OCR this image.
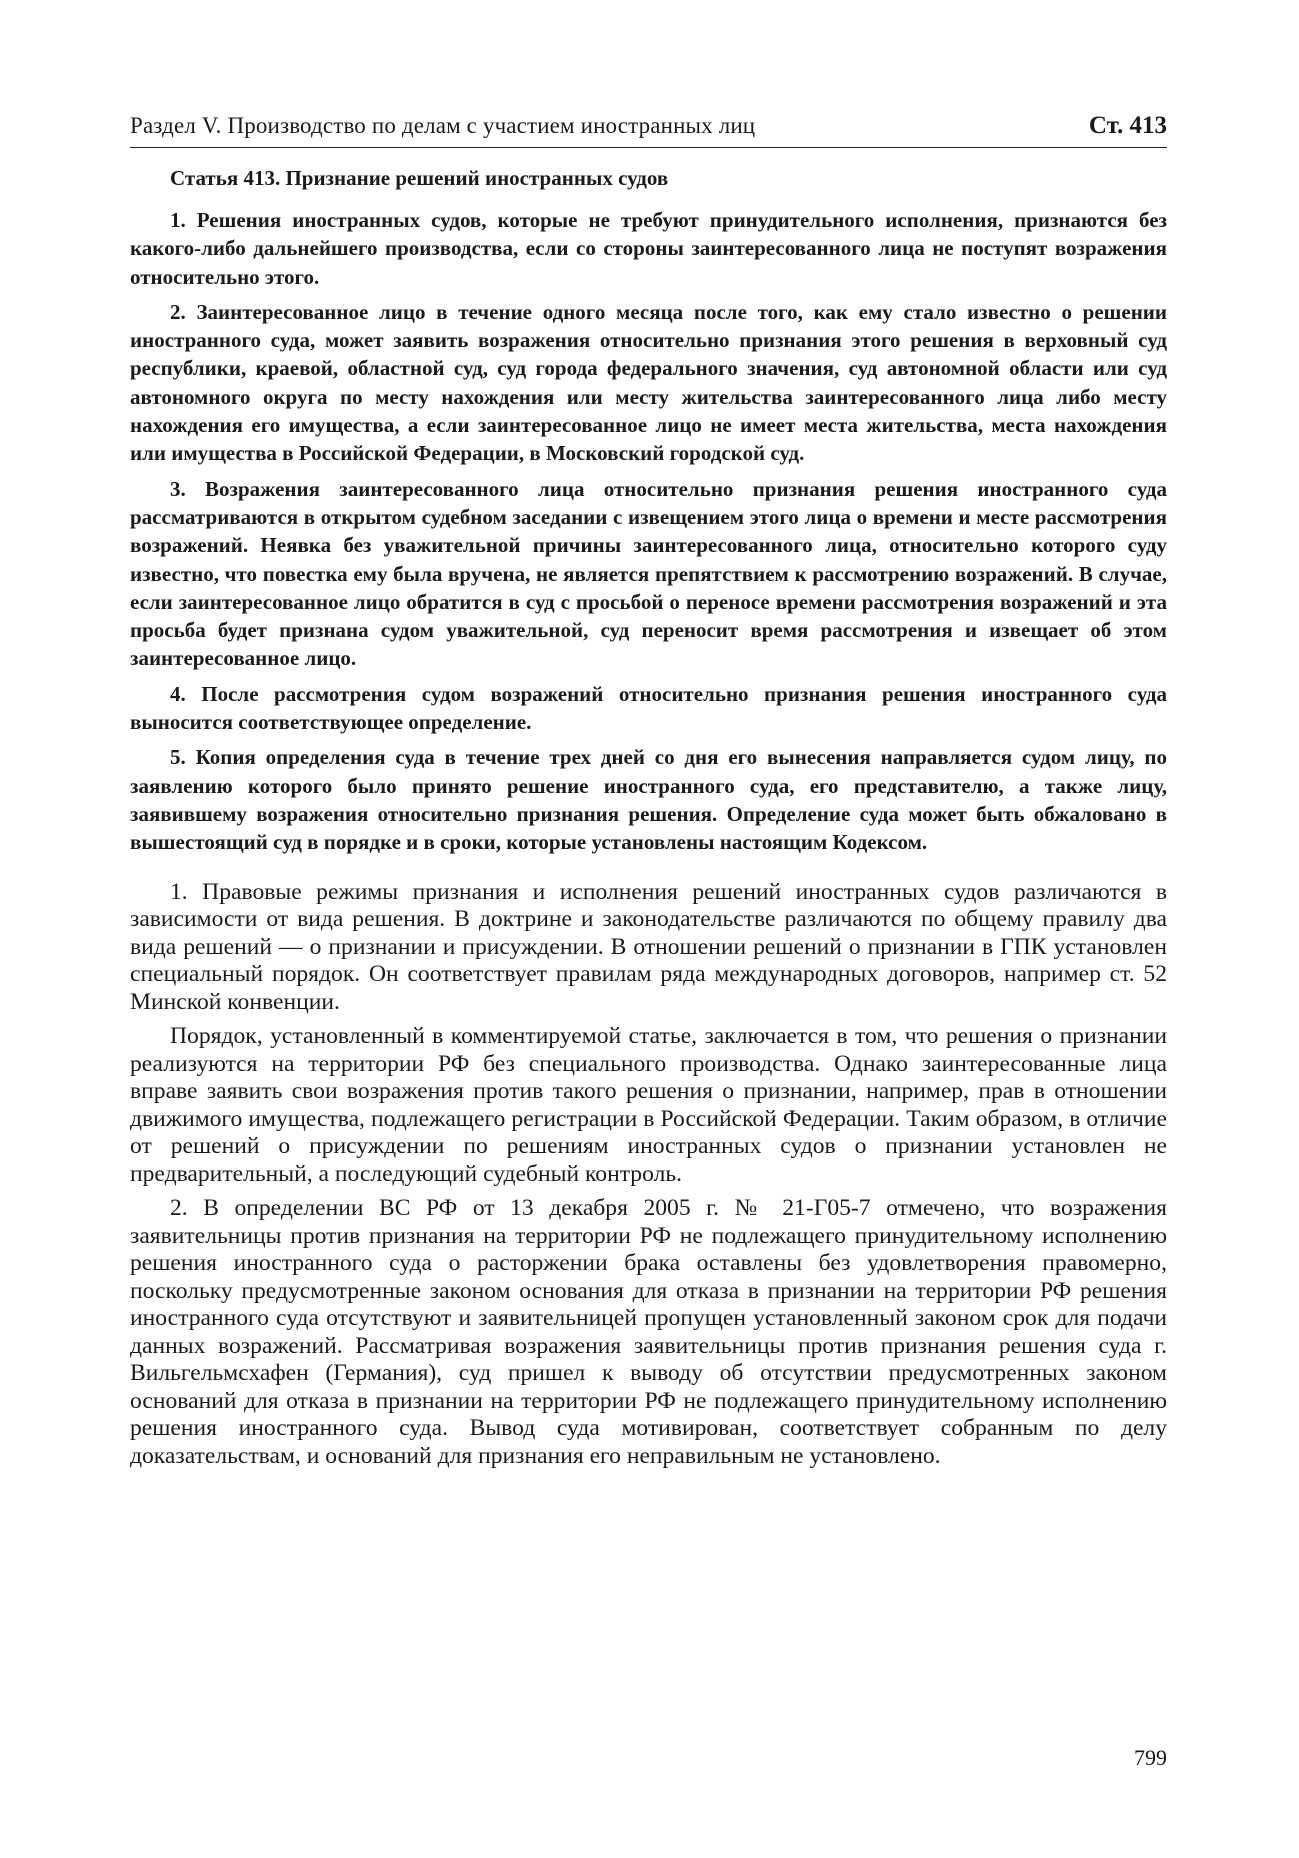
Раздел V. Производство по делам с участием иностранных лиц	Ст. 413
Статья 413. Признание решений иностранных судов

1. Решения иностранных судов, которые не требуют принудительного исполнения, признаются без какого-либо дальнейшего производства, если со стороны заинтересованного лица не поступят возражения относительно этого.

2. Заинтересованное лицо в течение одного месяца после того, как ему стало известно о решении иностранного суда, может заявить возражения относительно признания этого решения в верховный суд республики, краевой, областной суд, суд города федерального значения, суд автономной области или суд автономного округа по месту нахождения или месту жительства заинтересованного лица либо месту нахождения его имущества, а если заинтересованное лицо не имеет места жительства, места нахождения или имущества в Российской Федерации, в Московский городской суд.

3. Возражения заинтересованного лица относительно признания решения иностранного суда рассматриваются в открытом судебном заседании с извещением этого лица о времени и месте рассмотрения возражений. Неявка без уважительной причины заинтересованного лица, относительно которого суду известно, что повестка ему была вручена, не является препятствием к рассмотрению возражений. В случае, если заинтересованное лицо обратится в суд с просьбой о переносе времени рассмотрения возражений и эта просьба будет признана судом уважительной, суд переносит время рассмотрения и извещает об этом заинтересованное лицо.

4. После рассмотрения судом возражений относительно признания решения иностранного суда выносится соответствующее определение.

5. Копия определения суда в течение трех дней со дня его вынесения направляется судом лицу, по заявлению которого было принято решение иностранного суда, его представителю, а также лицу, заявившему возражения относительно признания решения. Определение суда может быть обжаловано в вышестоящий суд в порядке и в сроки, которые установлены настоящим Кодексом.

1. Правовые режимы признания и исполнения решений иностранных судов различаются в зависимости от вида решения. В доктрине и законодательстве различаются по общему правилу два вида решений — о признании и присуждении. В отношении решений о признании в ГПК установлен специальный порядок. Он соответствует правилам ряда международных договоров, например ст. 52 Минской конвенции.

Порядок, установленный в комментируемой статье, заключается в том, что решения о признании реализуются на территории РФ без специального производства. Однако заинтересованные лица вправе заявить свои возражения против такого решения о признании, например, прав в отношении движимого имущества, подлежащего регистрации в Российской Федерации. Таким образом, в отличие от решений о присуждении по решениям иностранных судов о признании установлен не предварительный, а последующий судебный контроль.

2. В определении ВС РФ от 13 декабря 2005 г. № 21-Г05-7 отмечено, что возражения заявительницы против признания на территории РФ не подлежащего принудительному исполнению решения иностранного суда о расторжении брака оставлены без удовлетворения правомерно, поскольку предусмотренные законом основания для отказа в признании на территории РФ решения иностранного суда отсутствуют и заявительницей пропущен установленный законом срок для подачи данных возражений. Рассматривая возражения заявительницы против признания решения суда г. Вильгельмсхафен (Германия), суд пришел к выводу об отсутствии предусмотренных законом оснований для отказа в признании на территории РФ не подлежащего принудительному исполнению решения иностранного суда. Вывод суда мотивирован, соответствует собранным по делу доказательствам, и оснований для признания его неправильным не установлено.

799
